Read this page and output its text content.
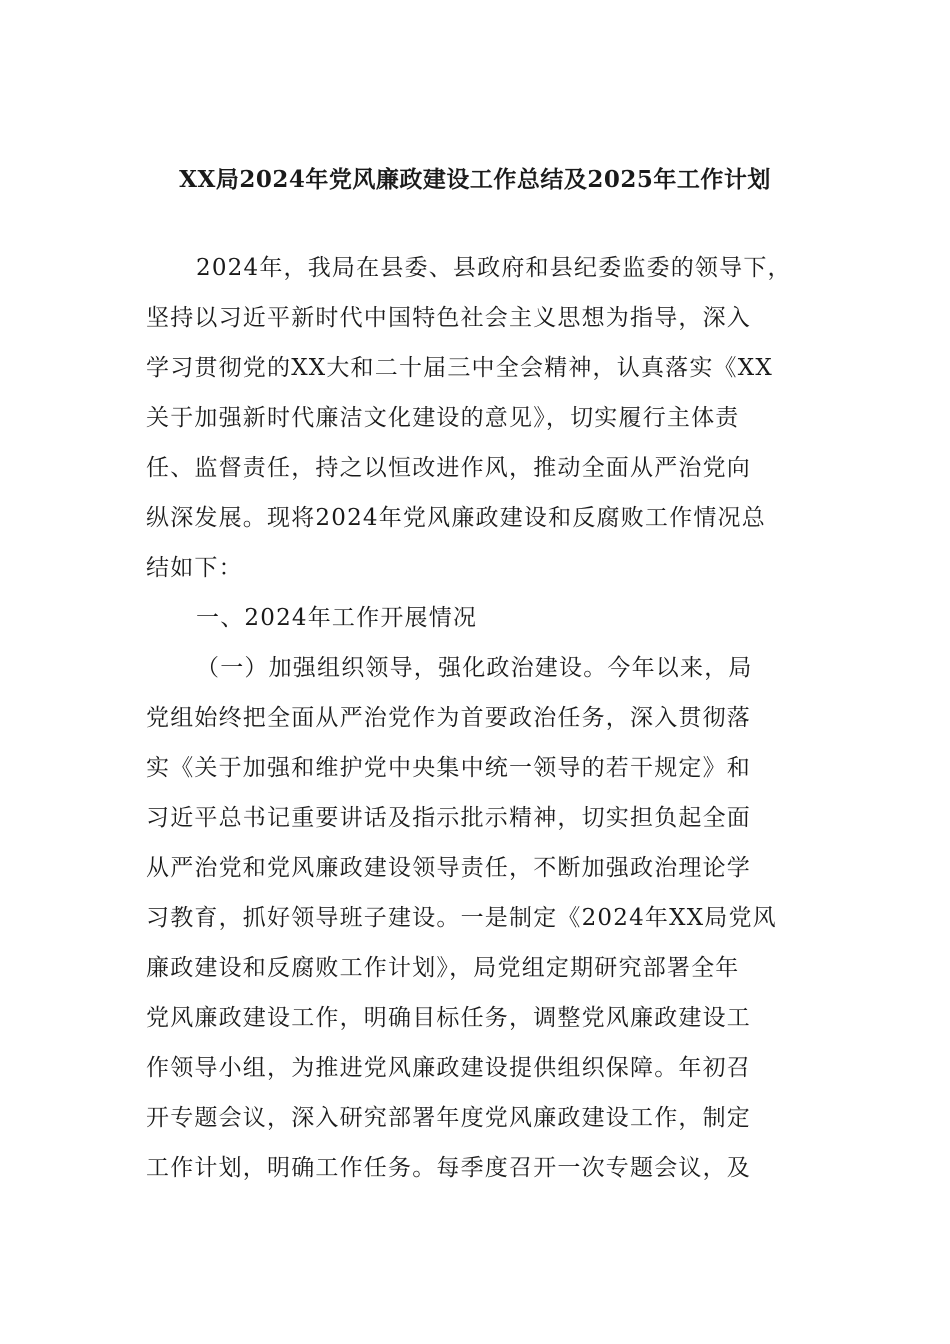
XX局2024年党风廉政建设工作总结及2025年工作计划
2024年，我局在县委、县政府和县纪委监委的领导下，
坚持以习近平新时代中国特色社会主义思想为指导，深入
学习贯彻党的XX大和二十届三中全会精神，认真落实《XX
关于加强新时代廉洁文化建设的意见》，切实履行主体责
任、监督责任，持之以恒改进作风，推动全面从严治党向
纵深发展。现将2024年党风廉政建设和反腐败工作情况总
结如下：
一、2024年工作开展情况
（一）加强组织领导，强化政治建设。今年以来，局
党组始终把全面从严治党作为首要政治任务，深入贯彻落
实《关于加强和维护党中央集中统一领导的若干规定》和
习近平总书记重要讲话及指示批示精神，切实担负起全面
从严治党和党风廉政建设领导责任，不断加强政治理论学
习教育，抓好领导班子建设。一是制定《2024年XX局党风
廉政建设和反腐败工作计划》，局党组定期研究部署全年
党风廉政建设工作，明确目标任务，调整党风廉政建设工
作领导小组，为推进党风廉政建设提供组织保障。年初召
开专题会议，深入研究部署年度党风廉政建设工作，制定
工作计划，明确工作任务。每季度召开一次专题会议，及
